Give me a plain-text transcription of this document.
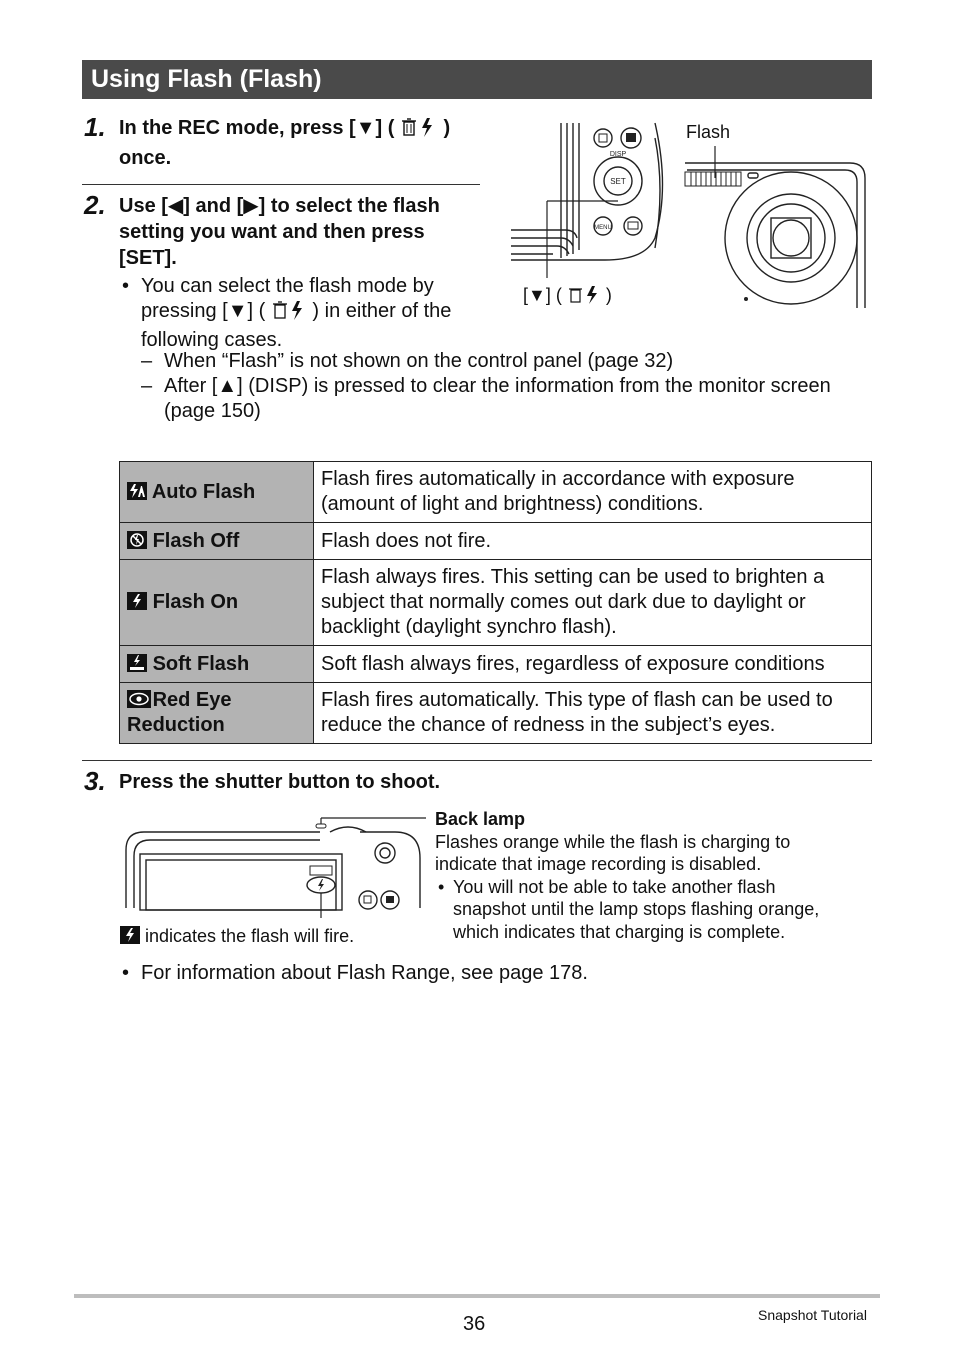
Using Flash (Flash)
1. In the REC mode, press [▼] ( )
once.
2. Use [◀] and [▶] to select the flash
setting you want and then press
[SET].
• You can select the flash mode by
pressing [▼] ( ) in either of the
following cases.
– When “Flash” is not shown on the control panel (page 32)
– After [▲] (DISP) is pressed to clear the information from the monitor screen
(page 150)
DISP
SET
MENU
Flash
[▼] ( )
Auto Flash	Flash fires automatically in accordance with exposure (amount of light and brightness) conditions.
Flash Off	Flash does not fire.
Flash On	Flash always fires. This setting can be used to brighten a subject that normally comes out dark due to daylight or backlight (daylight synchro flash).
Soft Flash	Soft flash always fires, regardless of exposure conditions
Red Eye Reduction	Flash fires automatically. This type of flash can be used to reduce the chance of redness in the subject’s eyes.
3. Press the shutter button to shoot.
Back lamp
Flashes orange while the flash is charging to
indicate that image recording is disabled.
• You will not be able to take another flash
snapshot until the lamp stops flashing orange,
which indicates that charging is complete.
indicates the flash will fire.
• For information about Flash Range, see page 178.
36	Snapshot Tutorial
